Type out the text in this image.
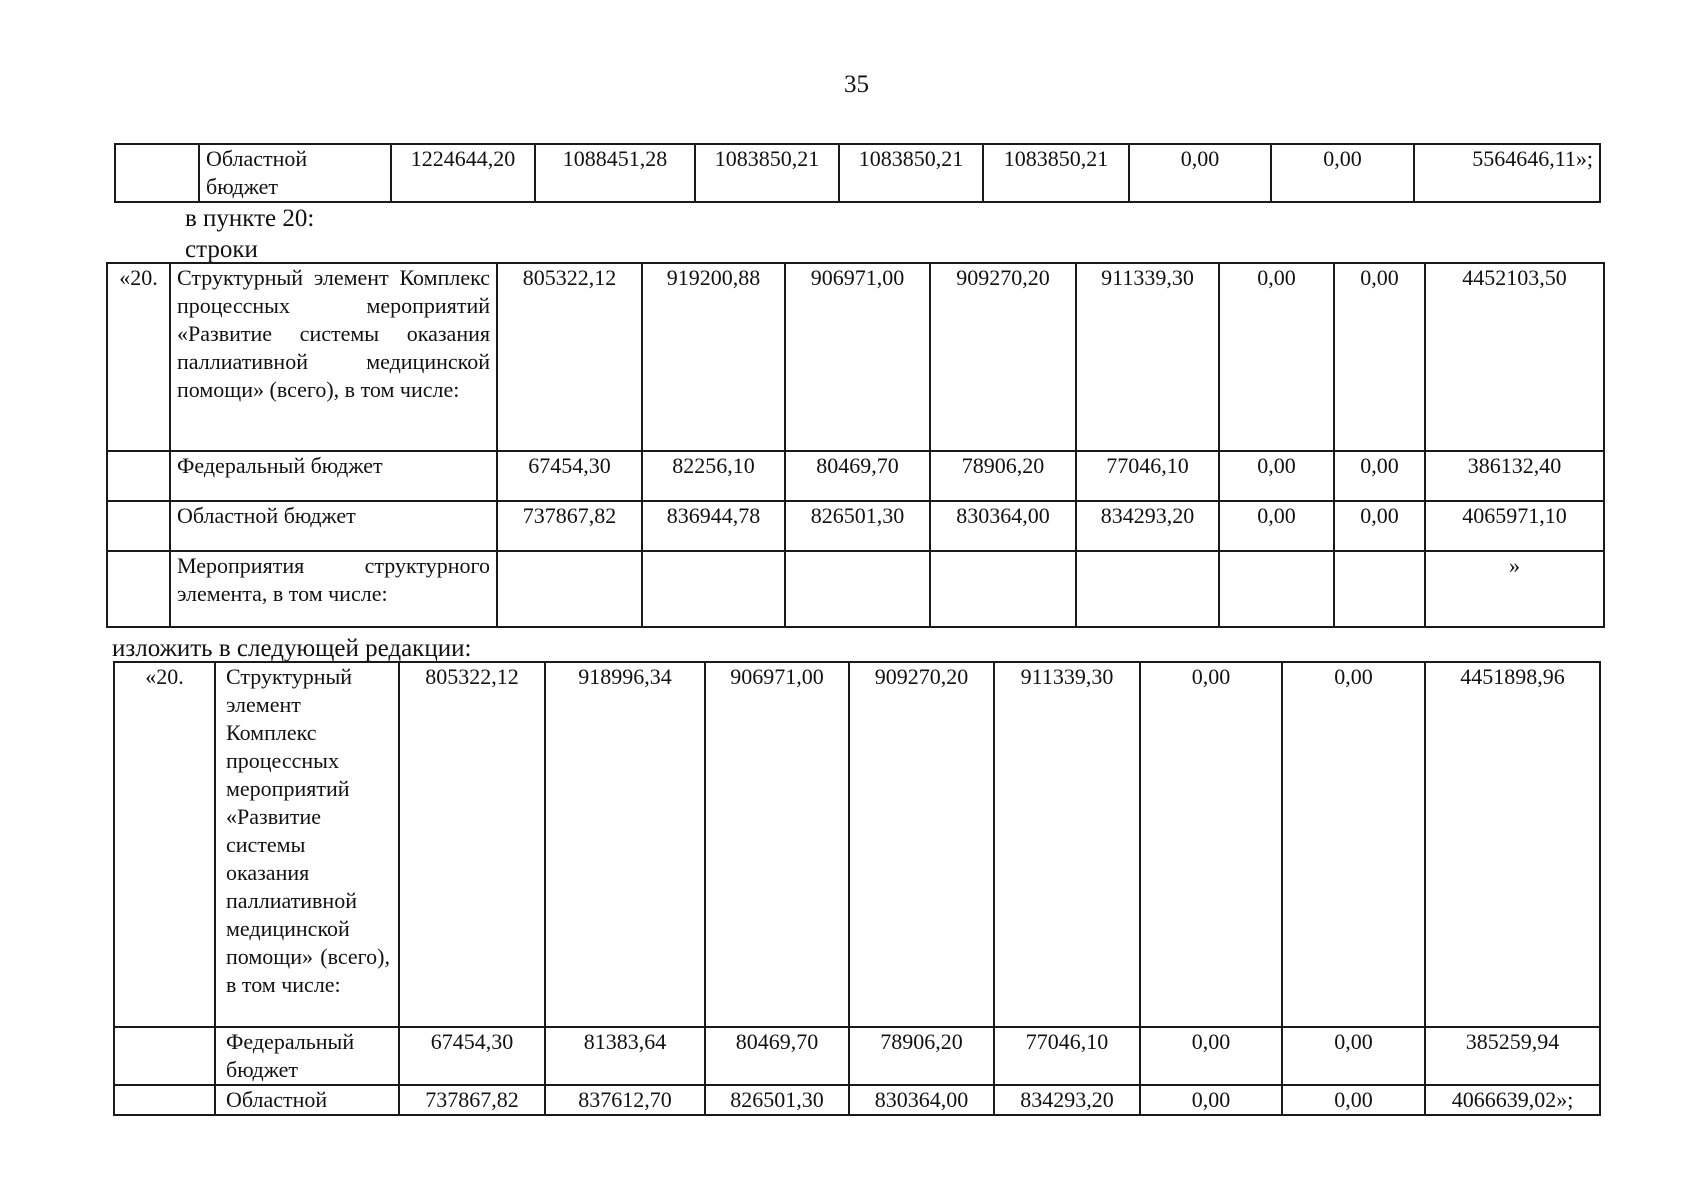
35
	Областной бюджет	1224644,20	1088451,28	1083850,21	1083850,21	1083850,21	0,00	0,00	5564646,11»;
в пункте 20:
строки
«20.	Структурный элемент Комплекс процессных мероприятий «Развитие системы оказания паллиативной медицинской помощи» (всего), в том числе:	805322,12	919200,88	906971,00	909270,20	911339,30	0,00	0,00	4452103,50
	Федеральный бюджет	67454,30	82256,10	80469,70	78906,20	77046,10	0,00	0,00	386132,40
	Областной бюджет	737867,82	836944,78	826501,30	830364,00	834293,20	0,00	0,00	4065971,10
	Мероприятия структурного элемента, в том числе:								»
изложить в следующей редакции:
«20.	Структурный элемент Комплекс процессных мероприятий «Развитие системы оказания паллиативной медицинской помощи» (всего), в том числе:	805322,12	918996,34	906971,00	909270,20	911339,30	0,00	0,00	4451898,96
	Федеральный бюджет	67454,30	81383,64	80469,70	78906,20	77046,10	0,00	0,00	385259,94
	Областной	737867,82	837612,70	826501,30	830364,00	834293,20	0,00	0,00	4066639,02»;
